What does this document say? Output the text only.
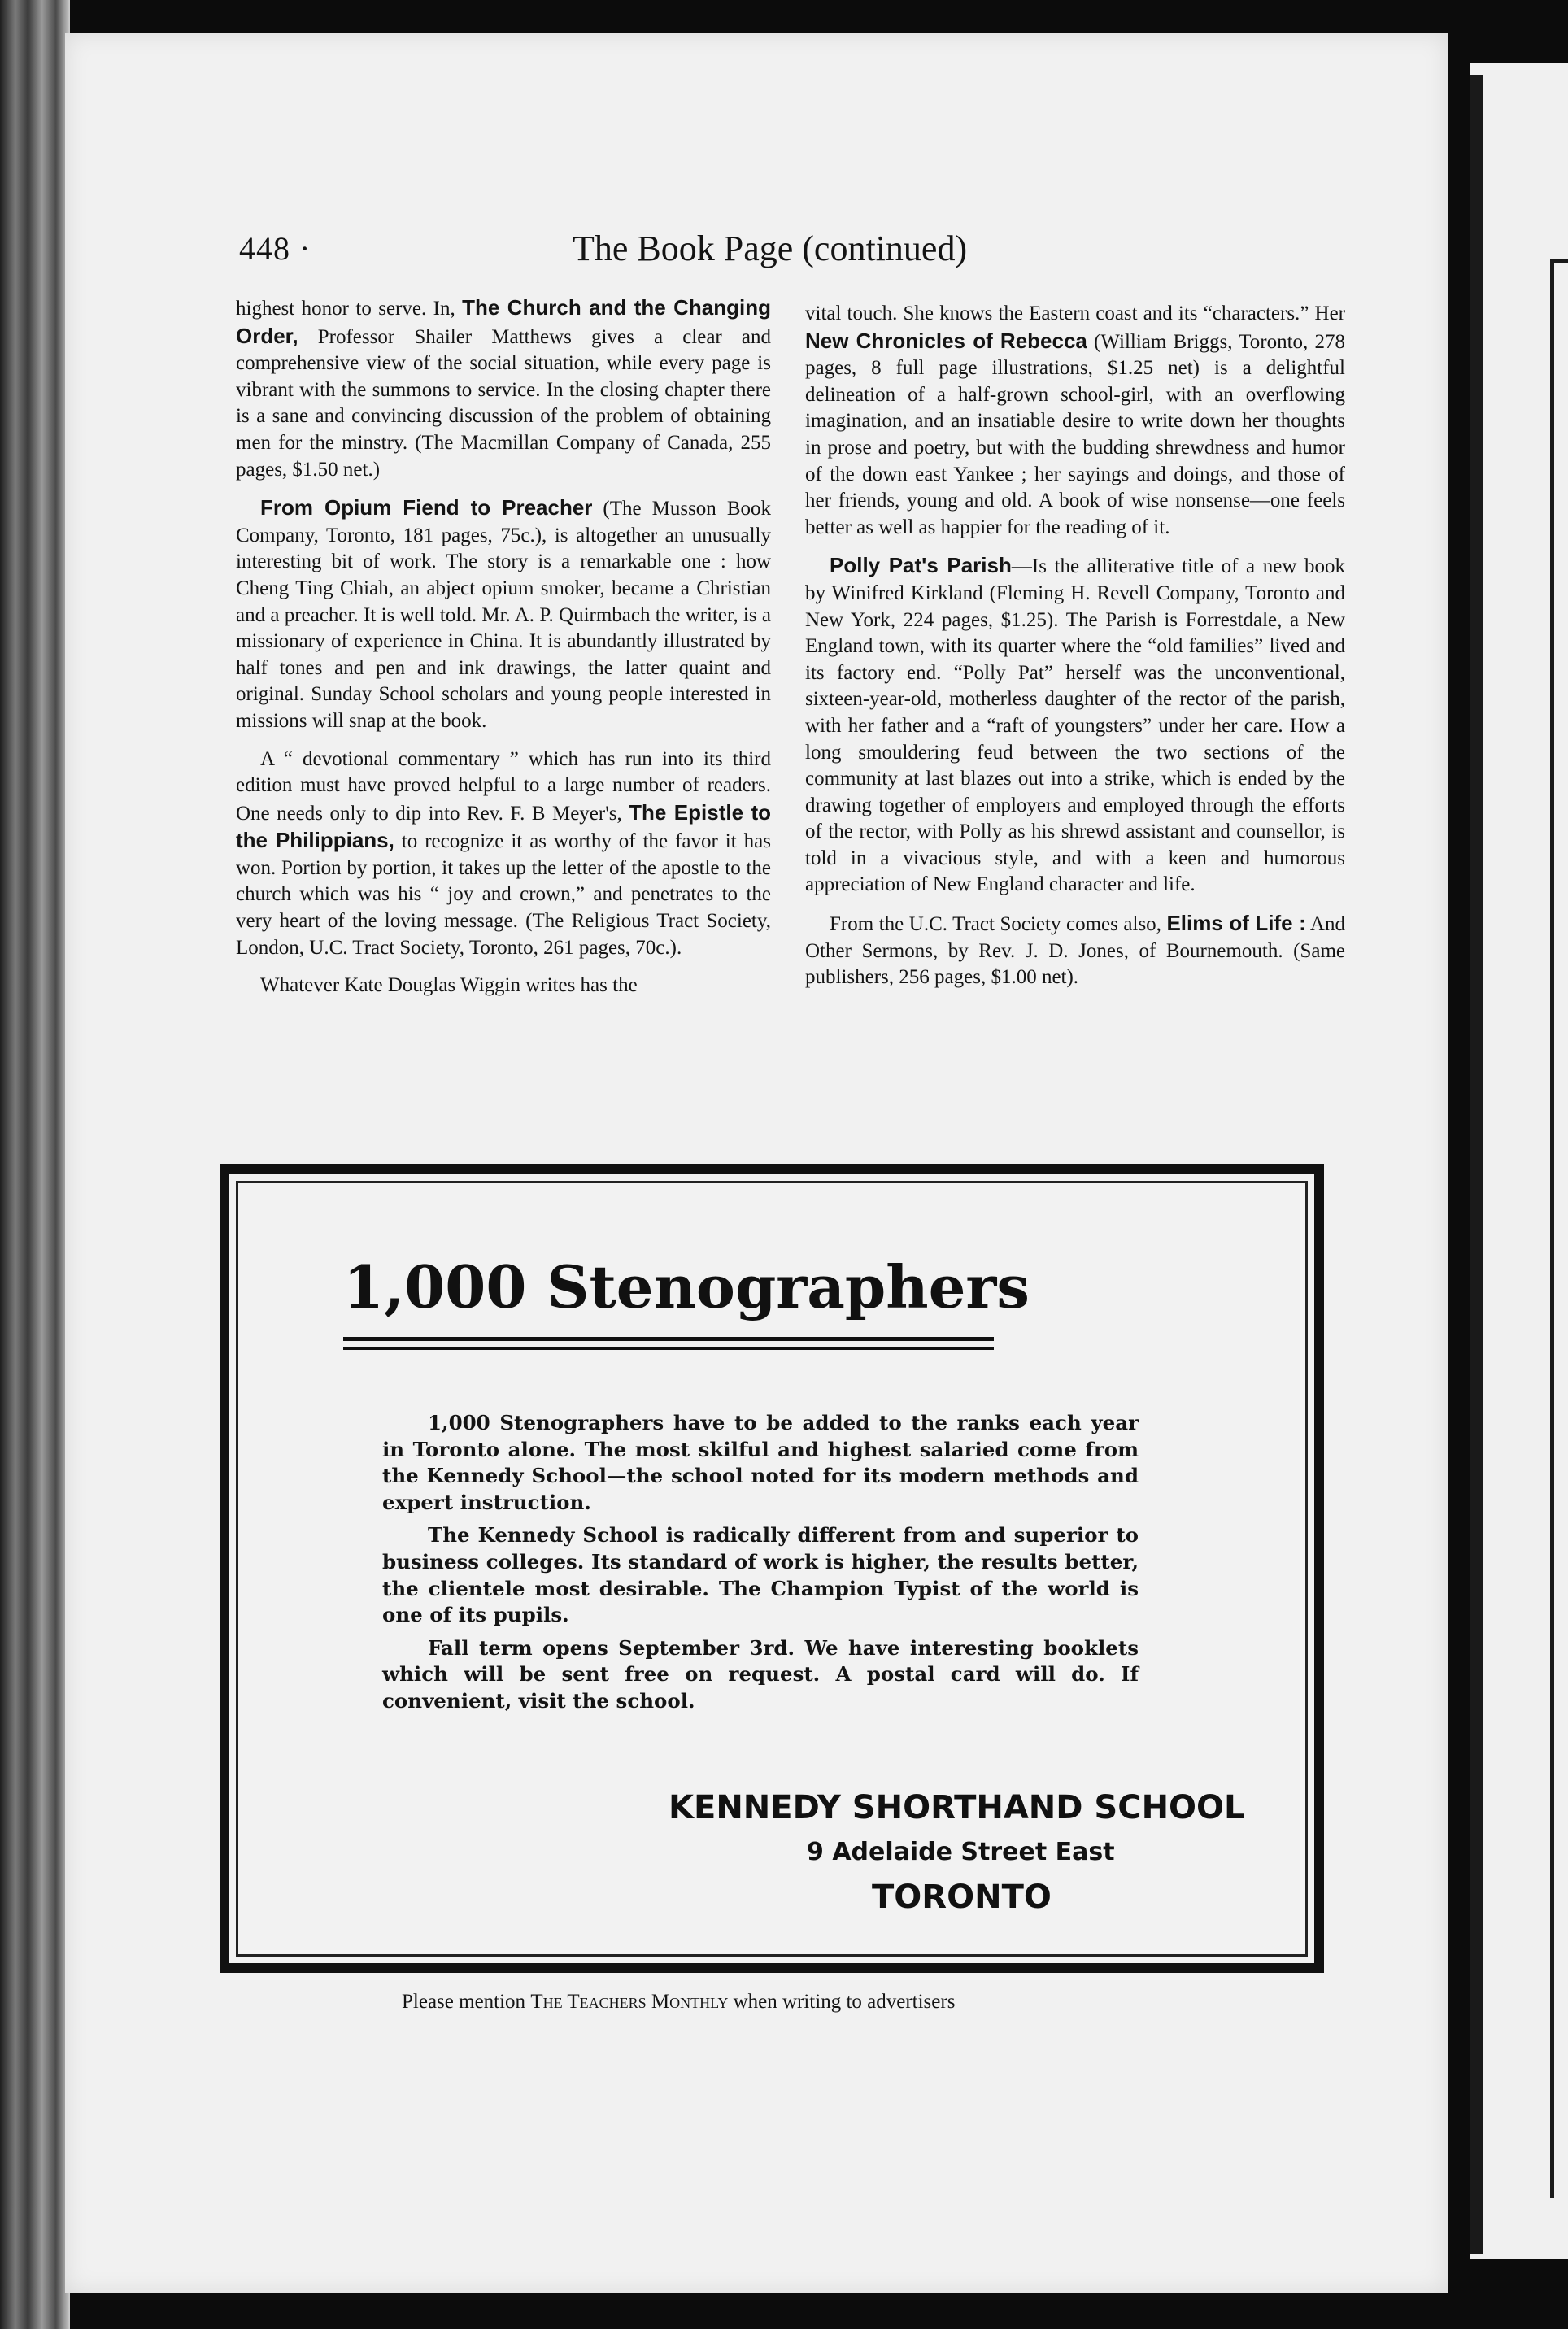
448 ·	The Book Page (continued)

highest honor to serve. In, The Church and the Changing Order, Professor Shailer Matthews gives a clear and comprehensive view of the social situation, while every page is vibrant with the summons to service. In the closing chapter there is a sane and convincing discussion of the problem of obtaining men for the minstry. (The Macmillan Company of Canada, 255 pages, $1.50 net.)

From Opium Fiend to Preacher (The Musson Book Company, Toronto, 181 pages, 75c.), is altogether an unusually interesting bit of work. The story is a remarkable one : how Cheng Ting Chiah, an abject opium smoker, became a Christian and a preacher. It is well told. Mr. A. P. Quirmbach the writer, is a missionary of experience in China. It is abundantly illustrated by half tones and pen and ink drawings, the latter quaint and original. Sunday School scholars and young people interested in missions will snap at the book.

A “ devotional commentary ” which has run into its third edition must have proved helpful to a large number of readers. One needs only to dip into Rev. F. B Meyer's, The Epistle to the Philippians, to recognize it as worthy of the favor it has won. Portion by portion, it takes up the letter of the apostle to the church which was his “ joy and crown,” and penetrates to the very heart of the loving message. (The Religious Tract Society, London, U.C. Tract Society, Toronto, 261 pages, 70c.).

Whatever Kate Douglas Wiggin writes has the

vital touch. She knows the Eastern coast and its “characters.” Her New Chronicles of Rebecca (William Briggs, Toronto, 278 pages, 8 full page illustrations, $1.25 net) is a delightful delineation of a half-grown school-girl, with an overflowing imagination, and an insatiable desire to write down her thoughts in prose and poetry, but with the budding shrewdness and humor of the down east Yankee ; her sayings and doings, and those of her friends, young and old. A book of wise nonsense—one feels better as well as happier for the reading of it.

Polly Pat's Parish—Is the alliterative title of a new book by Winifred Kirkland (Fleming H. Revell Company, Toronto and New York, 224 pages, $1.25). The Parish is Forrestdale, a New England town, with its quarter where the “old families” lived and its factory end. “Polly Pat” herself was the unconventional, sixteen-year-old, motherless daughter of the rector of the parish, with her father and a “raft of youngsters” under her care. How a long smouldering feud between the two sections of the community at last blazes out into a strike, which is ended by the drawing together of employers and employed through the efforts of the rector, with Polly as his shrewd assistant and counsellor, is told in a vivacious style, and with a keen and humorous appreciation of New England character and life.

From the U.C. Tract Society comes also, Elims of Life : And Other Sermons, by Rev. J. D. Jones, of Bournemouth. (Same publishers, 256 pages, $1.00 net).

1,000 Stenographers

1,000 Stenographers have to be added to the ranks each year in Toronto alone. The most skilful and highest salaried come from the Kennedy School—the school noted for its modern methods and expert instruction.

The Kennedy School is radically different from and superior to business colleges. Its standard of work is higher, the results better, the clientele most desirable. The Champion Typist of the world is one of its pupils.

Fall term opens September 3rd. We have interesting booklets which will be sent free on request. A postal card will do. If convenient, visit the school.

KENNEDY SHORTHAND SCHOOL
9 Adelaide Street East
TORONTO
Please mention The Teachers Monthly when writing to advertisers
